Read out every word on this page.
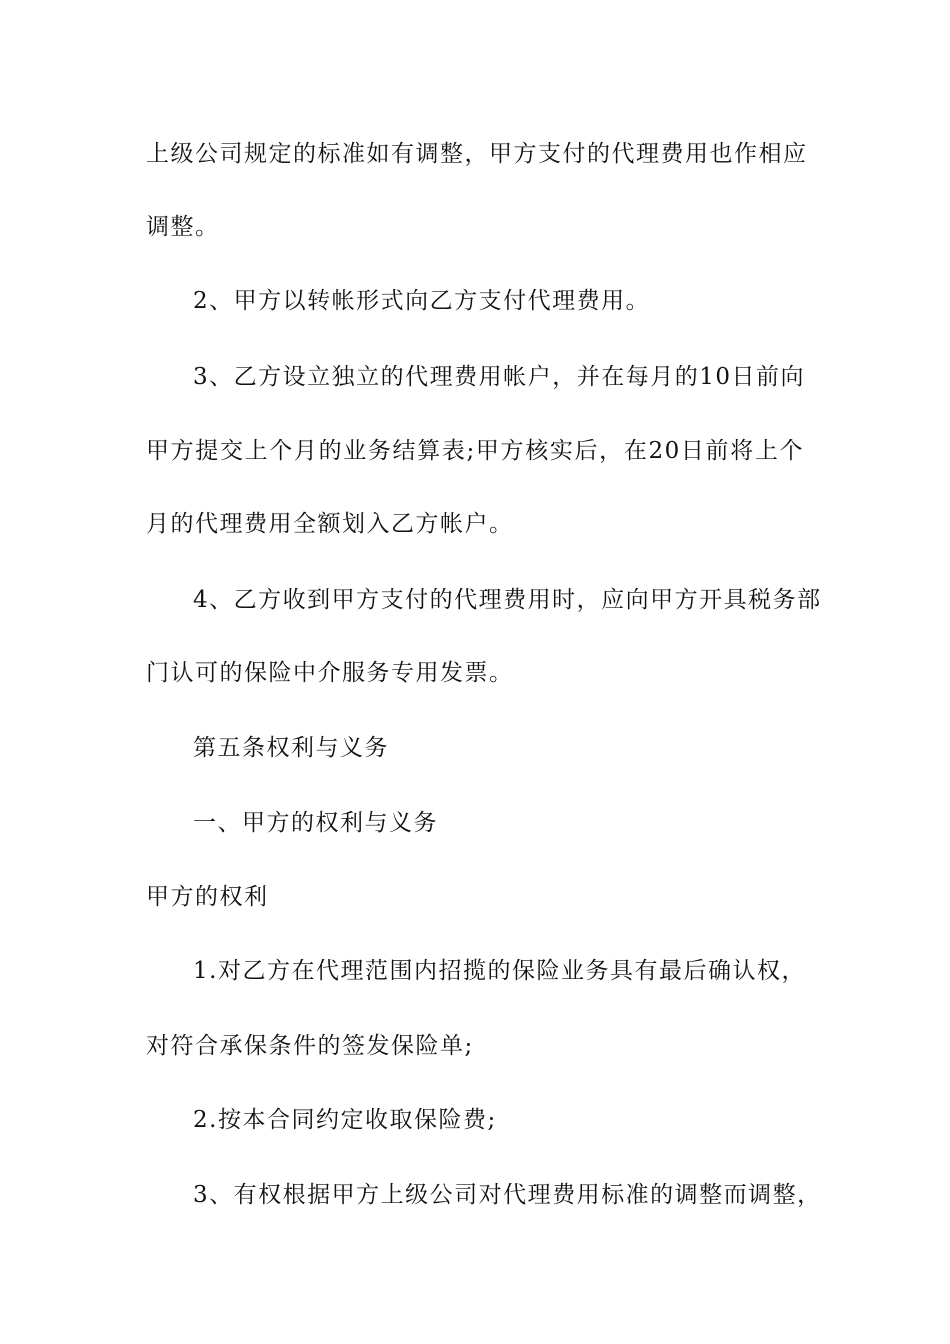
上级公司规定的标准如有调整，甲方支付的代理费用也作相应
调整。
2、甲方以转帐形式向乙方支付代理费用。
3、乙方设立独立的代理费用帐户，并在每月的10日前向
甲方提交上个月的业务结算表;甲方核实后，在20日前将上个
月的代理费用全额划入乙方帐户。
4、乙方收到甲方支付的代理费用时，应向甲方开具税务部
门认可的保险中介服务专用发票。
第五条权利与义务
一、甲方的权利与义务
甲方的权利
1.对乙方在代理范围内招揽的保险业务具有最后确认权，
对符合承保条件的签发保险单;
2.按本合同约定收取保险费;
3、有权根据甲方上级公司对代理费用标准的调整而调整，
